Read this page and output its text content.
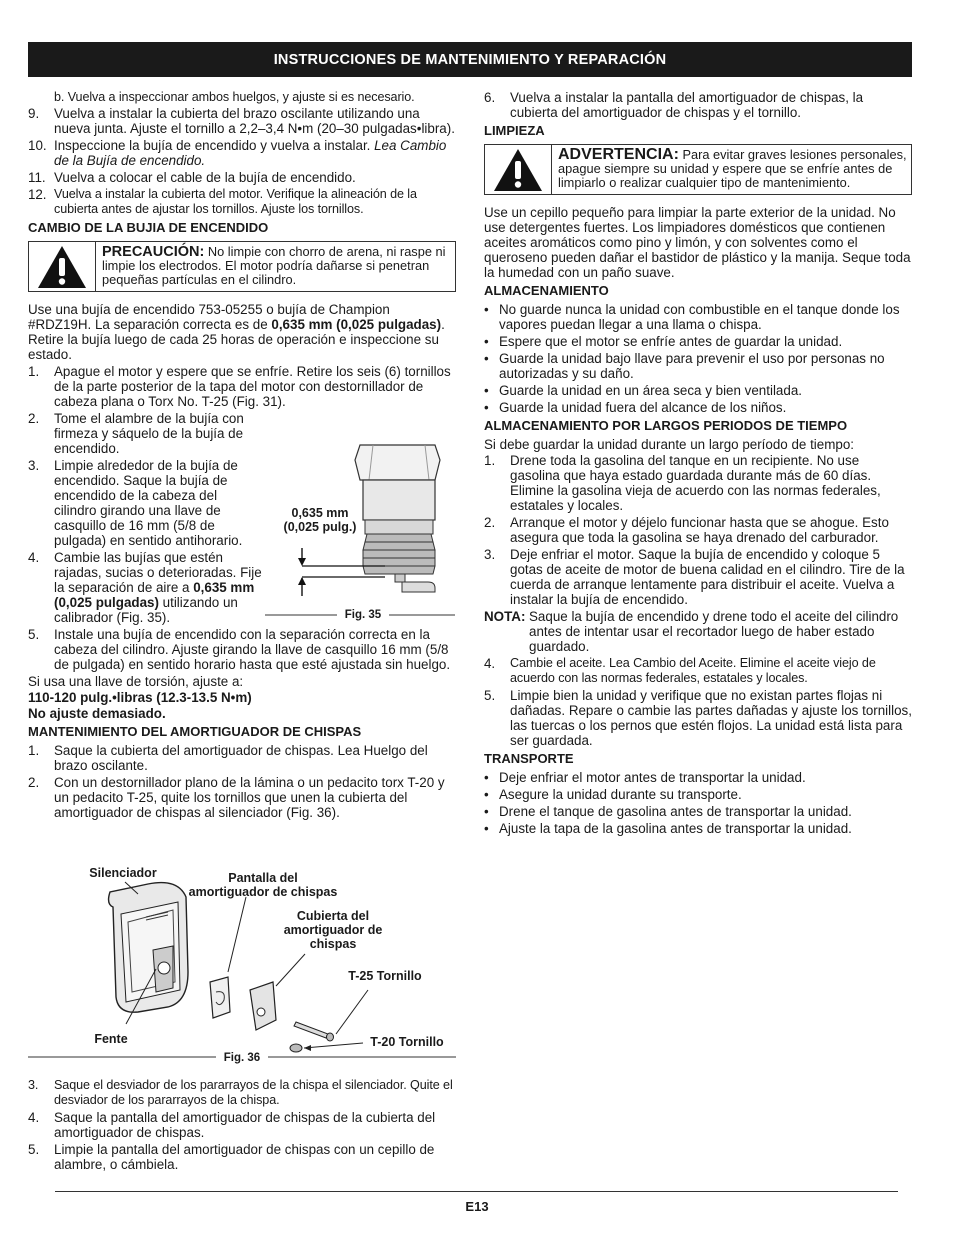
INSTRUCCIONES DE MANTENIMIENTO Y REPARACIÓN
b. Vuelva a inspeccionar ambos huelgos, y ajuste si es necesario.
9.	Vuelva a instalar la cubierta del brazo oscilante utilizando una nueva junta. Ajuste el tornillo a 2,2–3,4 N•m (20–30 pulgadas•libra).
10. Inspeccione la bujía de encendido y vuelva a instalar. Lea Cambio de la Bujía de encendido.
11. Vuelva a colocar el cable de la bujía de encendido.
12. Vuelva a instalar la cubierta del motor. Verifique la alineación de la cubierta antes de ajustar los tornillos. Ajuste los tornillos.
CAMBIO DE LA BUJIA DE ENCENDIDO
PRECAUCIÓN: No limpie con chorro de arena, ni raspe ni limpie los electrodos. El motor podría dañarse si penetran pequeñas partículas en el cilindro.
Use una bujía de encendido 753-05255 o bujía de Champion #RDZ19H. La separación correcta es de 0,635 mm (0,025 pulgadas). Retire la bujía luego de cada 25 horas de operación e inspeccione su estado.
1.	Apague el motor y espere que se enfríe. Retire los seis (6) tornillos de la parte posterior de la tapa del motor con destornillador de cabeza plana o Torx No. T-25 (Fig. 31).
2.	Tome el alambre de la bujía con firmeza y sáquelo de la bujía de encendido.
3.	Limpie alrededor de la bujía de encendido. Saque la bujía de encendido de la cabeza del cilindro girando una llave de casquillo de 16 mm (5/8 de pulgada) en sentido antihorario.
4.	Cambie las bujías que estén rajadas, sucias o deterioradas. Fije la separación de aire a 0,635 mm (0,025 pulgadas) utilizando un calibrador (Fig. 35).
5.	Instale una bujía de encendido con la separación correcta en la cabeza del cilindro. Ajuste girando la llave de casquillo 16 mm (5/8 de pulgada) en sentido horario hasta que esté ajustada sin huelgo.
Si usa una llave de torsión, ajuste a:
110-120 pulg.•libras (12.3-13.5 N•m)
No ajuste demasiado.
MANTENIMIENTO DEL AMORTIGUADOR DE CHISPAS
1.	Saque la cubierta del amortiguador de chispas. Lea Huelgo del brazo oscilante.
2.	Con un destornillador plano de la lámina o un pedacito torx T-20 y un pedacito T-25, quite los tornillos que unen la cubierta del amortiguador de chispas al silenciador (Fig. 36).
0,635 mm
(0,025 pulg.)
Fig. 35
Silenciador	Pantalla del amortiguador de chispas
Cubierta del amortiguador de chispas
T-25 Tornillo
T-20 Tornillo
Fente
Fig. 36
3.	Saque el desviador de los pararrayos de la chispa el silenciador. Quite el desviador de los pararrayos de la chispa.
4.	Saque la pantalla del amortiguador de chispas de la cubierta del amortiguador de chispas.
5.	Limpie la pantalla del amortiguador de chispas con un cepillo de alambre, o cámbiela.
6.	Vuelva a instalar la pantalla del amortiguador de chispas, la cubierta del amortiguador de chispas y el tornillo.
LIMPIEZA
ADVERTENCIA: Para evitar graves lesiones personales, apague siempre su unidad y espere que se enfríe antes de limpiarlo o realizar cualquier tipo de mantenimiento.
Use un cepillo pequeño para limpiar la parte exterior de la unidad. No use detergentes fuertes. Los limpiadores domésticos que contienen aceites aromáticos como pino y limón, y con solventes como el queroseno pueden dañar el bastidor de plástico y la manija. Seque toda la humedad con un paño suave.
ALMACENAMIENTO
• No guarde nunca la unidad con combustible en el tanque donde los vapores puedan llegar a una llama o chispa.
• Espere que el motor se enfríe antes de guardar la unidad.
• Guarde la unidad bajo llave para prevenir el uso por personas no autorizadas y su daño.
• Guarde la unidad en un área seca y bien ventilada.
• Guarde la unidad fuera del alcance de los niños.
ALMACENAMIENTO POR LARGOS PERIODOS DE TIEMPO
Si debe guardar la unidad durante un largo período de tiempo:
1.	Drene toda la gasolina del tanque en un recipiente. No use gasolina que haya estado guardada durante más de 60 días. Elimine la gasolina vieja de acuerdo con las normas federales, estatales y locales.
2.	Arranque el motor y déjelo funcionar hasta que se ahogue. Esto asegura que toda la gasolina se haya drenado del carburador.
3.	Deje enfriar el motor. Saque la bujía de encendido y coloque 5 gotas de aceite de motor de buena calidad en el cilindro. Tire de la cuerda de arranque lentamente para distribuir el aceite. Vuelva a instalar la bujía de encendido.
NOTA: Saque la bujía de encendido y drene todo el aceite del cilindro antes de intentar usar el recortador luego de haber estado guardado.
4.	Cambie el aceite. Lea Cambio del Aceite. Elimine el aceite viejo de acuerdo con las normas federales, estatales y locales.
5.	Limpie bien la unidad y verifique que no existan partes flojas ni dañadas. Repare o cambie las partes dañadas y ajuste los tornillos, las tuercas o los pernos que estén flojos. La unidad está lista para ser guardada.
TRANSPORTE
• Deje enfriar el motor antes de transportar la unidad.
• Asegure la unidad durante su transporte.
• Drene el tanque de gasolina antes de transportar la unidad.
• Ajuste la tapa de la gasolina antes de transportar la unidad.
E13
